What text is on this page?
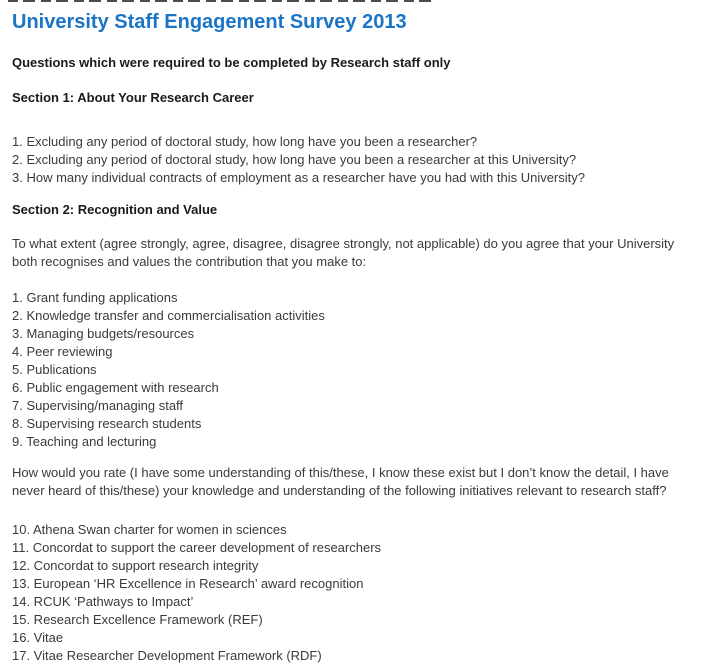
University Staff Engagement Survey 2013
Questions which were required to be completed by Research staff only
Section 1: About Your Research Career
1. Excluding any period of doctoral study, how long have you been a researcher?
2. Excluding any period of doctoral study, how long have you been a researcher at this University?
3. How many individual contracts of employment as a researcher have you had with this University?
Section 2: Recognition and Value
To what extent (agree strongly, agree, disagree, disagree strongly, not applicable) do you agree that your University
both recognises and values the contribution that you make to:
1. Grant funding applications
2. Knowledge transfer and commercialisation activities
3. Managing budgets/resources
4. Peer reviewing
5. Publications
6. Public engagement with research
7. Supervising/managing staff
8. Supervising research students
9. Teaching and lecturing
How would you rate (I have some understanding of this/these, I know these exist but I don’t know the detail, I have
never heard of this/these) your knowledge and understanding of the following initiatives relevant to research staff?
10. Athena Swan charter for women in sciences
11. Concordat to support the career development of researchers
12. Concordat to support research integrity
13. European ‘HR Excellence in Research’ award recognition
14. RCUK ‘Pathways to Impact’
15. Research Excellence Framework (REF)
16. Vitae
17. Vitae Researcher Development Framework (RDF)
